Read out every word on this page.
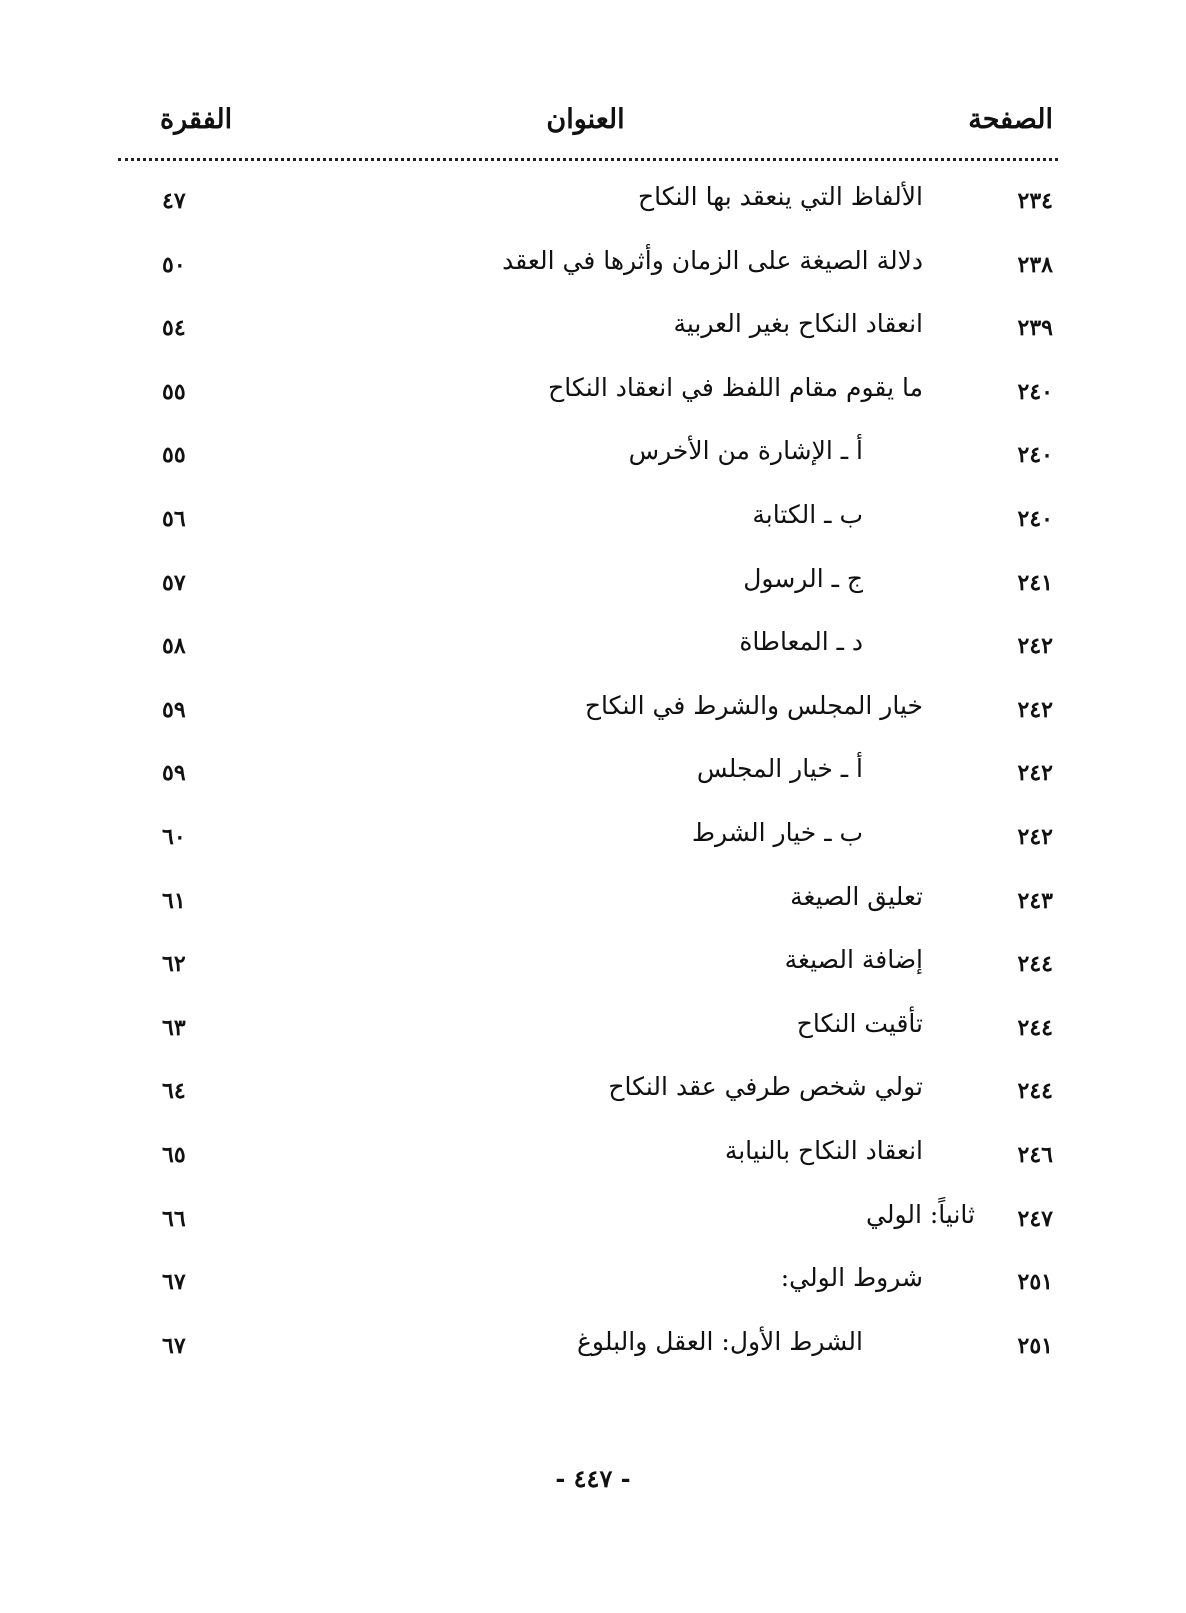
الصفحة
العنوان
الفقرة
٢٣٤
الألفاظ التي ينعقد بها النكاح
٤٧
٢٣٨
دلالة الصيغة على الزمان وأثرها في العقد
٥٠
٢٣٩
انعقاد النكاح بغير العربية
٥٤
٢٤٠
ما يقوم مقام اللفظ في انعقاد النكاح
٥٥
٢٤٠
أ ـ الإشارة من الأخرس
٥٥
٢٤٠
ب ـ الكتابة
٥٦
٢٤١
ج ـ الرسول
٥٧
٢٤٢
د ـ المعاطاة
٥٨
٢٤٢
خيار المجلس والشرط في النكاح
٥٩
٢٤٢
أ ـ خيار المجلس
٥٩
٢٤٢
ب ـ خيار الشرط
٦٠
٢٤٣
تعليق الصيغة
٦١
٢٤٤
إضافة الصيغة
٦٢
٢٤٤
تأقيت النكاح
٦٣
٢٤٤
تولي شخص طرفي عقد النكاح
٦٤
٢٤٦
انعقاد النكاح بالنيابة
٦٥
٢٤٧
ثانياً: الولي
٦٦
٢٥١
شروط الولي:
٦٧
٢٥١
الشرط الأول: العقل والبلوغ
٦٧
- ٤٤٧ -
